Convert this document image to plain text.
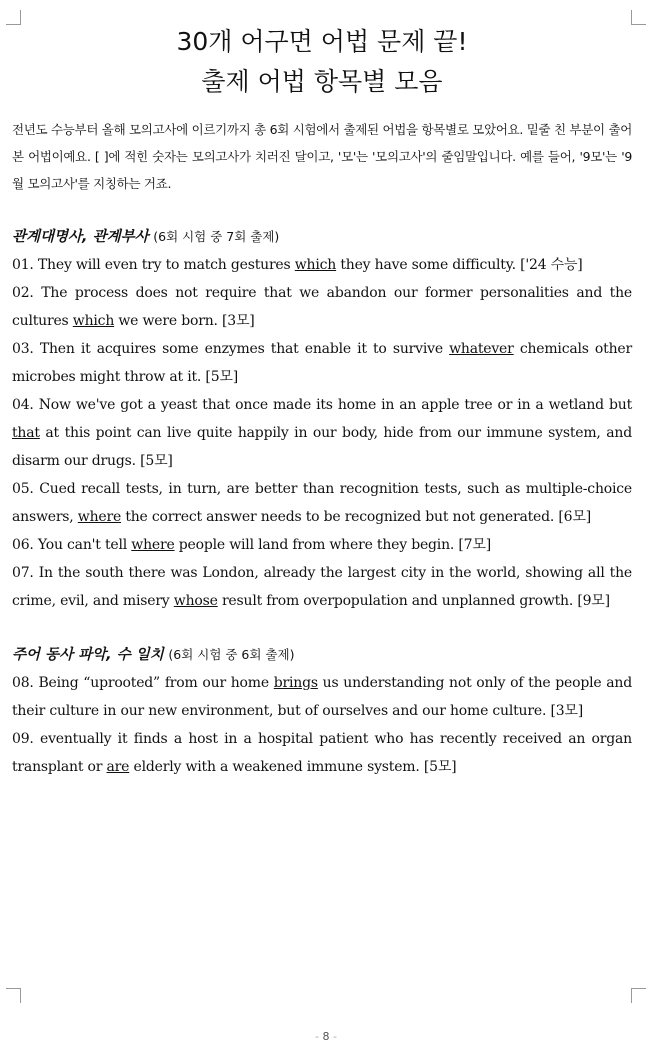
30개 어구면 어법 문제 끝!
출제 어법 항목별 모음

전년도 수능부터 올해 모의고사에 이르기까지 총 6회 시험에서 출제된 어법을 항목별로 모았어요. 밑줄 친 부분이 출어본 어법이예요. [ ]에 적힌 숫자는 모의고사가 치러진 달이고, '모'는 '모의고사'의 줄임말입니다. 예를 들어, '9모'는 '9월 모의고사'를 지칭하는 거죠.

관계대명사, 관계부사 (6회 시험 중 7회 출제)

01. They will even try to match gestures which they have some difficulty. ['24 수능]

02. The process does not require that we abandon our former personalities and the cultures which we were born. [3모]

03. Then it acquires some enzymes that enable it to survive whatever chemicals other microbes might throw at it. [5모]

04. Now we've got a yeast that once made its home in an apple tree or in a wetland but that at this point can live quite happily in our body, hide from our immune system, and disarm our drugs. [5모]

05. Cued recall tests, in turn, are better than recognition tests, such as multiple-choice answers, where the correct answer needs to be recognized but not generated. [6모]

06. You can't tell where people will land from where they begin. [7모]

07. In the south there was London, already the largest city in the world, showing all the crime, evil, and misery whose result from overpopulation and unplanned growth. [9모]

주어 동사 파악, 수 일치 (6회 시험 중 6회 출제)

08. Being “uprooted” from our home brings us understanding not only of the people and their culture in our new environment, but of ourselves and our home culture. [3모]

09. eventually it finds a host in a hospital patient who has recently received an organ transplant or are elderly with a weakened immune system. [5모]

- 8 -
